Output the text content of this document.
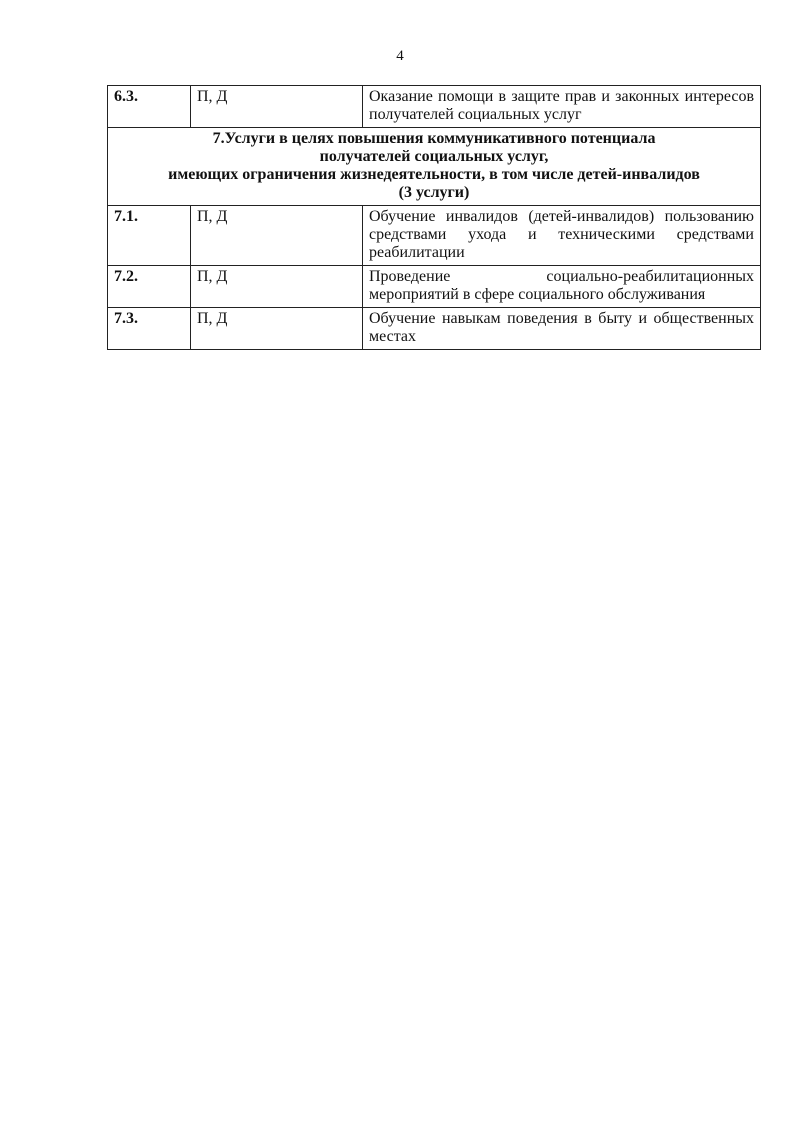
4
6.3.	П, Д	Оказание помощи в защите прав и законных интересов получателей социальных услуг

7.Услуги в целях повышения коммуникативного потенциала
получателей социальных услуг,
имеющих ограничения жизнедеятельности, в том числе детей-инвалидов
(3 услуги)		

7.1.	П, Д	Обучение инвалидов (детей-инвалидов) пользованию средствами ухода и техническими средствами реабилитации
7.2.	П, Д	Проведение социально-реабилитационных мероприятий в сфере социального обслуживания
7.3.	П, Д	Обучение навыкам поведения в быту и общественных местах
